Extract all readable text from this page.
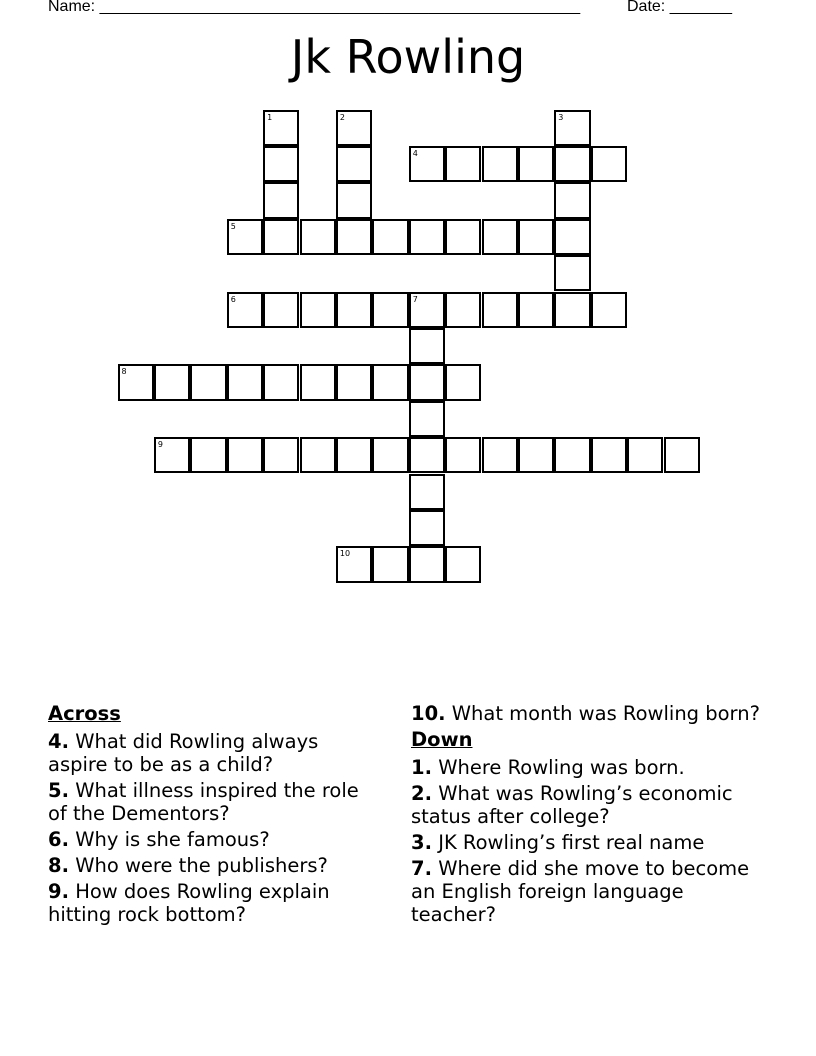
Name: ______________________________________________________	Date: _______
Jk Rowling
1	2	3
4
5
6	7
8
9
10
Across
4. What did Rowling always aspire to be as a child?
5. What illness inspired the role of the Dementors?
6. Why is she famous?
8. Who were the publishers?
9. How does Rowling explain hitting rock bottom?
10. What month was Rowling born?
Down
1. Where Rowling was born.
2. What was Rowling’s economic status after college?
3. JK Rowling’s first real name
7. Where did she move to become an English foreign language teacher?
